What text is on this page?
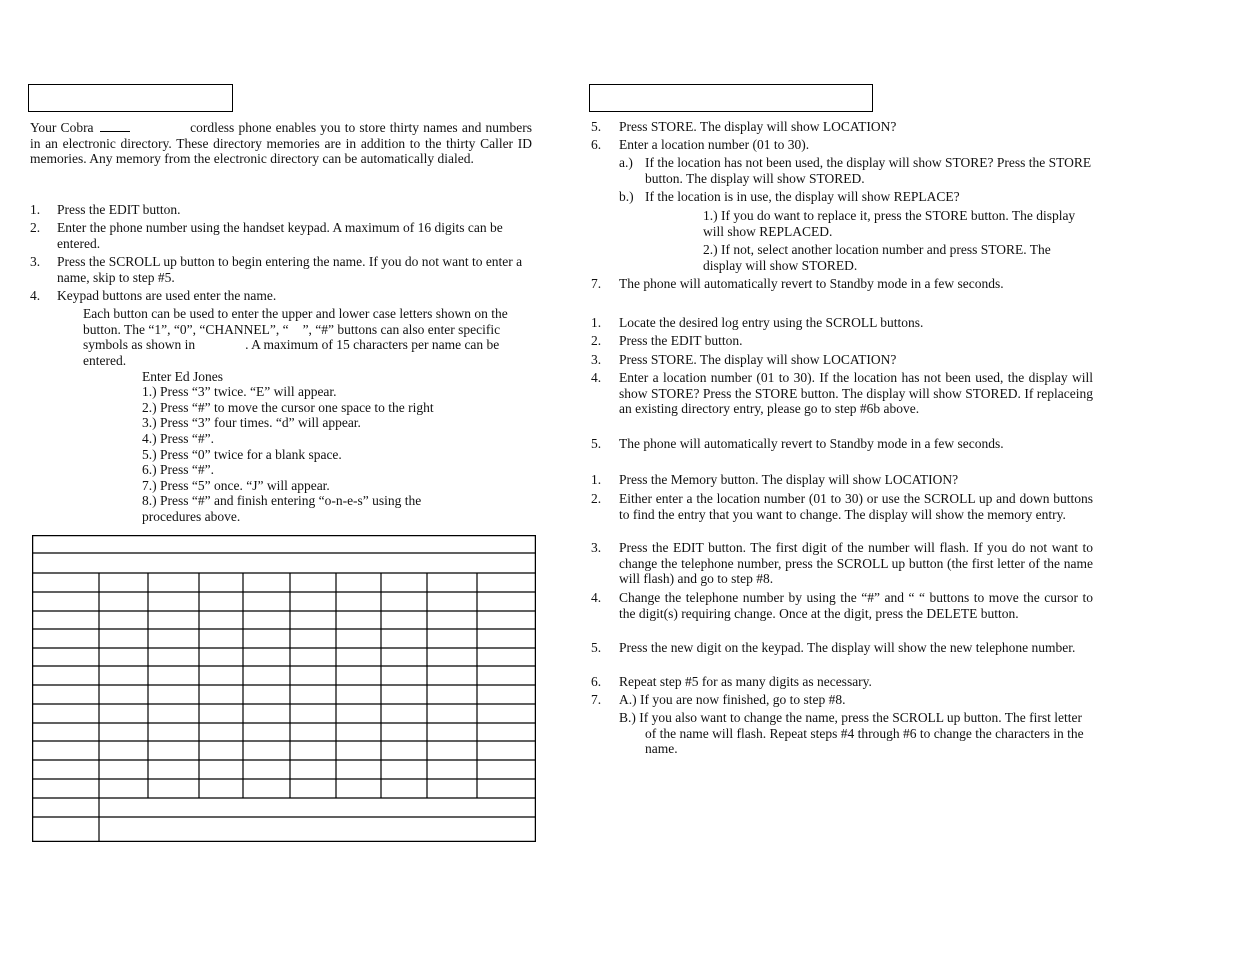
Your Cobra	cordless phone enables you to store thirty names and numbers in an electronic directory. These directory memories are in addition to the thirty Caller ID memories. Any memory from the electronic directory can be automatically dialed.
1. Press the EDIT button.
2. Enter the phone number using the handset keypad. A maximum of 16 digits can be entered.
3. Press the SCROLL up button to begin entering the name. If you do not want to enter a name, skip to step #5.
4. Keypad buttons are used enter the name.
Each button can be used to enter the upper and lower case letters shown on the button. The “1”, “0”, “CHANNEL”, “ ”, “#” buttons can also enter specific symbols as shown in	. A maximum of 15 characters per name can be entered.
Enter Ed Jones
1.) Press “3” twice. “E” will appear.
2.) Press “#” to move the cursor one space to the right
3.) Press “3” four times. “d” will appear.
4.) Press “#”.
5.) Press “0” twice for a blank space.
6.) Press “#”.
7.) Press “5” once. “J” will appear.
8.) Press “#” and finish entering “o-n-e-s” using the procedures above.
5. Press STORE. The display will show LOCATION?
6. Enter a location number (01 to 30).
a.) If the location has not been used, the display will show STORE? Press the STORE button. The display will show STORED.
b.) If the location is in use, the display will show REPLACE?
1.) If you do want to replace it, press the STORE button. The display will show REPLACED.
2.) If not, select another location number and press STORE. The display will show STORED.
7. The phone will automatically revert to Standby mode in a few seconds.
1. Locate the desired log entry using the SCROLL buttons.
2. Press the EDIT button.
3. Press STORE. The display will show LOCATION?
4. Enter a location number (01 to 30). If the location has not been used, the display will show STORE? Press the STORE button. The display will show STORED. If replaceing an existing directory entry, please go to step #6b above.
5. The phone will automatically revert to Standby mode in a few seconds.
1. Press the Memory button. The display will show LOCATION?
2. Either enter a the location number (01 to 30) or use the SCROLL up and down buttons to find the entry that you want to change. The display will show the memory entry.
3. Press the EDIT button. The first digit of the number will flash. If you do not want to change the telephone number, press the SCROLL up button (the first letter of the name will flash) and go to step #8.
4. Change the telephone number by using the “#” and “ “ buttons to move the cursor to the digit(s) requiring change. Once at the digit, press the DELETE button.
5. Press the new digit on the keypad. The display will show the new telephone number.
6. Repeat step #5 for as many digits as necessary.
7. A.) If you are now finished, go to step #8.
B.) If you also want to change the name, press the SCROLL up button. The first letter of the name will flash. Repeat steps #4 through #6 to change the characters in the name.
